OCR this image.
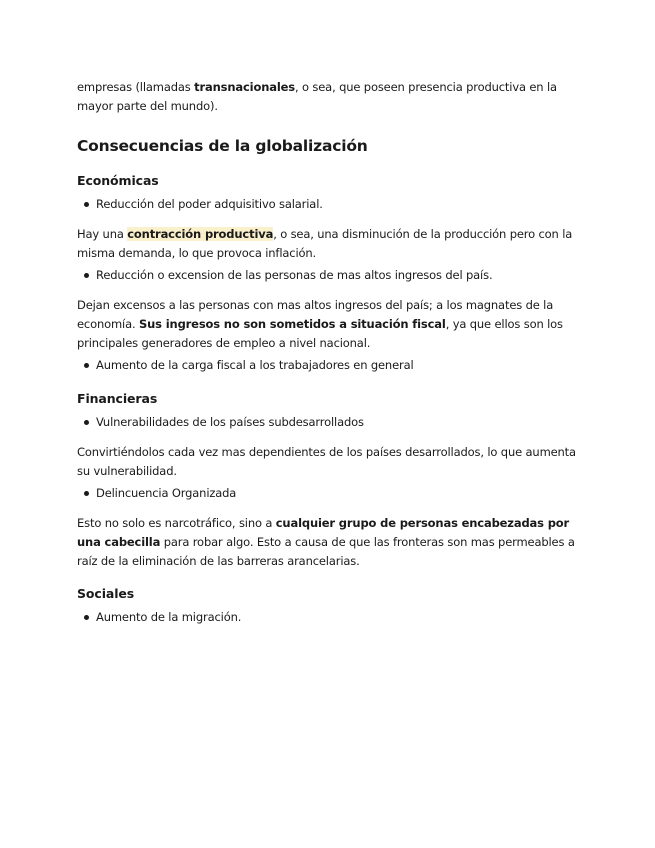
empresas (llamadas transnacionales, o sea, que poseen presencia productiva en la mayor parte del mundo).

Consecuencias de la globalización
Económicas
Reducción del poder adquisitivo salarial.

Hay una contracción productiva, o sea, una disminución de la producción pero con la misma demanda, lo que provoca inflación.

Reducción o excension de las personas de mas altos ingresos del país.

Dejan excensos a las personas con mas altos ingresos del país; a los magnates de la economía. Sus ingresos no son sometidos a situación fiscal, ya que ellos son los principales generadores de empleo a nivel nacional.

Aumento de la carga fiscal a los trabajadores en general
Financieras
Vulnerabilidades de los países subdesarrollados

Convirtiéndolos cada vez mas dependientes de los países desarrollados, lo que aumenta su vulnerabilidad.

Delincuencia Organizada

Esto no solo es narcotráfico, sino a cualquier grupo de personas encabezadas por una cabecilla para robar algo. Esto a causa de que las fronteras son mas permeables a raíz de la eliminación de las barreras arancelarias.

Sociales
Aumento de la migración.
